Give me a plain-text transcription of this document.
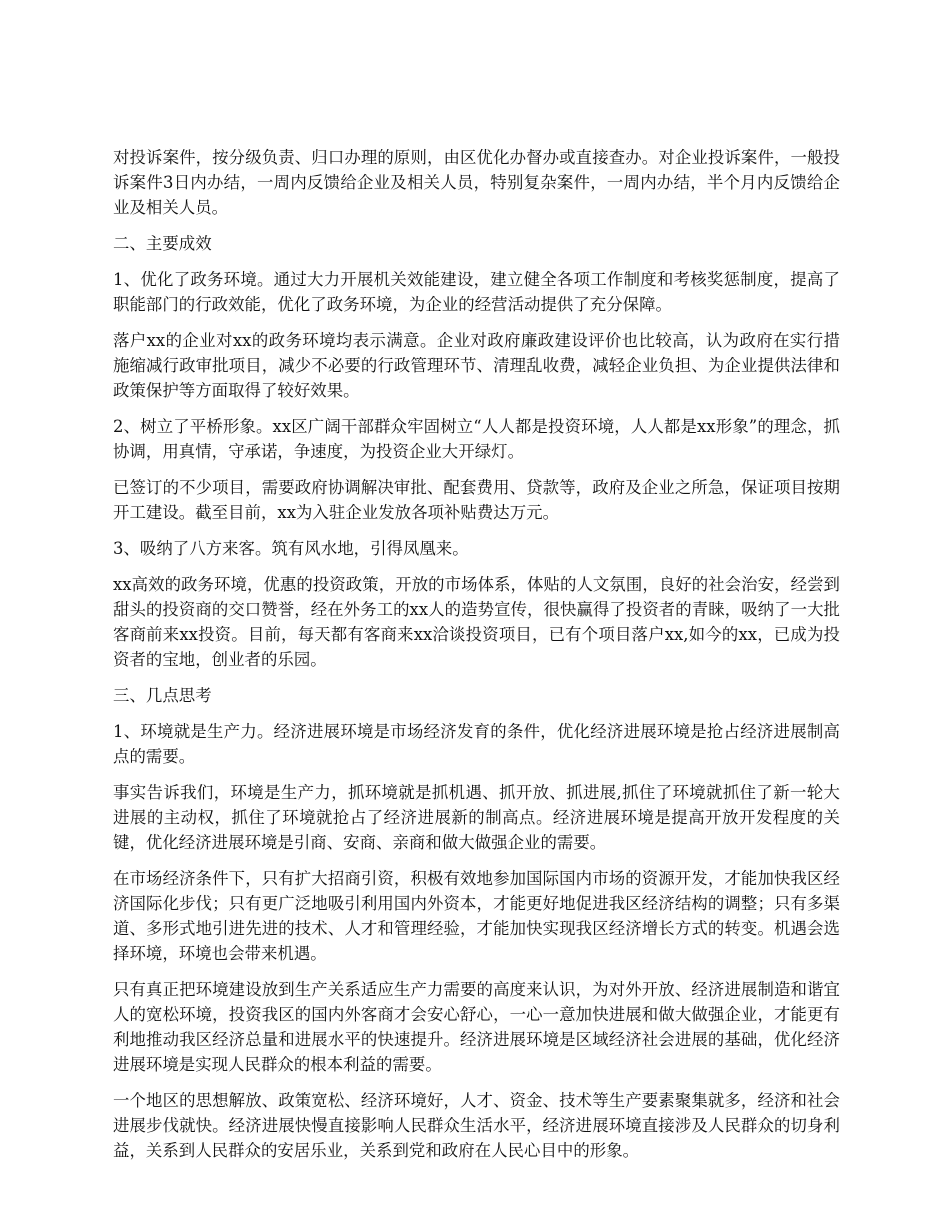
对投诉案件，按分级负责、归口办理的原则，由区优化办督办或直接查办。对企业投诉案件，一般投诉案件3日内办结，一周内反馈给企业及相关人员，特别复杂案件，一周内办结，半个月内反馈给企业及相关人员。

二、主要成效

1、优化了政务环境。通过大力开展机关效能建设，建立健全各项工作制度和考核奖惩制度，提高了职能部门的行政效能，优化了政务环境，为企业的经营活动提供了充分保障。

落户xx的企业对xx的政务环境均表示满意。企业对政府廉政建设评价也比较高，认为政府在实行措施缩减行政审批项目，减少不必要的行政管理环节、清理乱收费，减轻企业负担、为企业提供法律和政策保护等方面取得了较好效果。

2、树立了平桥形象。xx区广阔干部群众牢固树立“人人都是投资环境，人人都是xx形象”的理念，抓协调，用真情，守承诺，争速度，为投资企业大开绿灯。

已签订的不少项目，需要政府协调解决审批、配套费用、贷款等，政府及企业之所急，保证项目按期开工建设。截至目前，xx为入驻企业发放各项补贴费达万元。

3、吸纳了八方来客。筑有风水地，引得凤凰来。

xx高效的政务环境，优惠的投资政策，开放的市场体系，体贴的人文氛围，良好的社会治安，经尝到甜头的投资商的交口赞誉，经在外务工的xx人的造势宣传，很快赢得了投资者的青睐，吸纳了一大批客商前来xx投资。目前，每天都有客商来xx洽谈投资项目，已有个项目落户xx,如今的xx，已成为投资者的宝地，创业者的乐园。

三、几点思考

1、环境就是生产力。经济进展环境是市场经济发育的条件，优化经济进展环境是抢占经济进展制高点的需要。

事实告诉我们，环境是生产力，抓环境就是抓机遇、抓开放、抓进展,抓住了环境就抓住了新一轮大进展的主动权，抓住了环境就抢占了经济进展新的制高点。经济进展环境是提高开放开发程度的关键，优化经济进展环境是引商、安商、亲商和做大做强企业的需要。

在市场经济条件下，只有扩大招商引资，积极有效地参加国际国内市场的资源开发，才能加快我区经济国际化步伐；只有更广泛地吸引利用国内外资本，才能更好地促进我区经济结构的调整；只有多渠道、多形式地引进先进的技术、人才和管理经验，才能加快实现我区经济增长方式的转变。机遇会选择环境，环境也会带来机遇。

只有真正把环境建设放到生产关系适应生产力需要的高度来认识，为对外开放、经济进展制造和谐宜人的宽松环境，投资我区的国内外客商才会安心舒心，一心一意加快进展和做大做强企业，才能更有利地推动我区经济总量和进展水平的快速提升。经济进展环境是区域经济社会进展的基础，优化经济进展环境是实现人民群众的根本利益的需要。

一个地区的思想解放、政策宽松、经济环境好，人才、资金、技术等生产要素聚集就多，经济和社会进展步伐就快。经济进展快慢直接影响人民群众生活水平，经济进展环境直接涉及人民群众的切身利益，关系到人民群众的安居乐业，关系到党和政府在人民心目中的形象。
